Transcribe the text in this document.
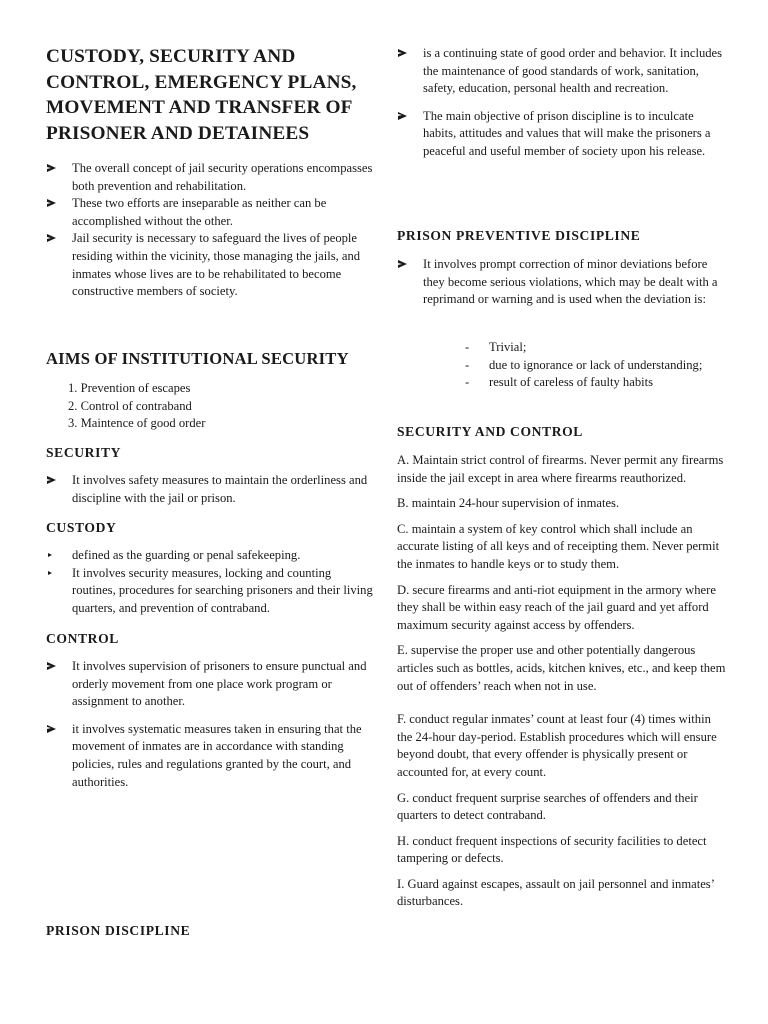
CUSTODY, SECURITY AND CONTROL, EMERGENCY PLANS, MOVEMENT AND TRANSFER OF PRISONER AND DETAINEES
The overall concept of jail security operations encompasses both prevention and rehabilitation.
These two efforts are inseparable as neither can be accomplished without the other.
Jail security is necessary to safeguard the lives of people residing within the vicinity, those managing the jails, and inmates whose lives are to be rehabilitated to become constructive members of society.
AIMS OF INSTITUTIONAL SECURITY
1. Prevention of escapes
2. Control of contraband
3. Maintence of good order
SECURITY
It involves safety measures to maintain the orderliness and discipline with the jail or prison.
CUSTODY
defined as the guarding or penal safekeeping.
It involves security measures, locking and counting routines, procedures for searching prisoners and their living quarters, and prevention of contraband.
CONTROL
It involves supervision of prisoners to ensure punctual and orderly movement from one place work program or assignment to another.
it involves systematic measures taken in ensuring that the movement of inmates are in accordance with standing policies, rules and regulations granted by the court, and authorities.
PRISON DISCIPLINE
is a continuing state of good order and behavior. It includes the maintenance of good standards of work, sanitation, safety, education, personal health and recreation.
The main objective of prison discipline is to inculcate habits, attitudes and values that will make the prisoners a peaceful and useful member of society upon his release.
PRISON PREVENTIVE DISCIPLINE
It involves prompt correction of minor deviations before they become serious violations, which may be dealt with a reprimand or warning and is used when the deviation is:
- Trivial;
- due to ignorance or lack of understanding;
- result of careless of faulty habits
SECURITY AND CONTROL

A. Maintain strict control of firearms. Never permit any firearms inside the jail except in area where firearms reauthorized.

B. maintain 24-hour supervision of inmates.

C. maintain a system of key control which shall include an accurate listing of all keys and of receipting them. Never permit the inmates to handle keys or to study them.

D. secure firearms and anti-riot equipment in the armory where they shall be within easy reach of the jail guard and yet afford maximum security against access by offenders.

E. supervise the proper use and other potentially dangerous articles such as bottles, acids, kitchen knives, etc., and keep them out of offenders’ reach when not in use.

F. conduct regular inmates’ count at least four (4) times within the 24-hour day-period. Establish procedures which will ensure beyond doubt, that every offender is physically present or accounted for, at every count.

G. conduct frequent surprise searches of offenders and their quarters to detect contraband.

H. conduct frequent inspections of security facilities to detect tampering or defects.

I. Guard against escapes, assault on jail personnel and inmates’ disturbances.
